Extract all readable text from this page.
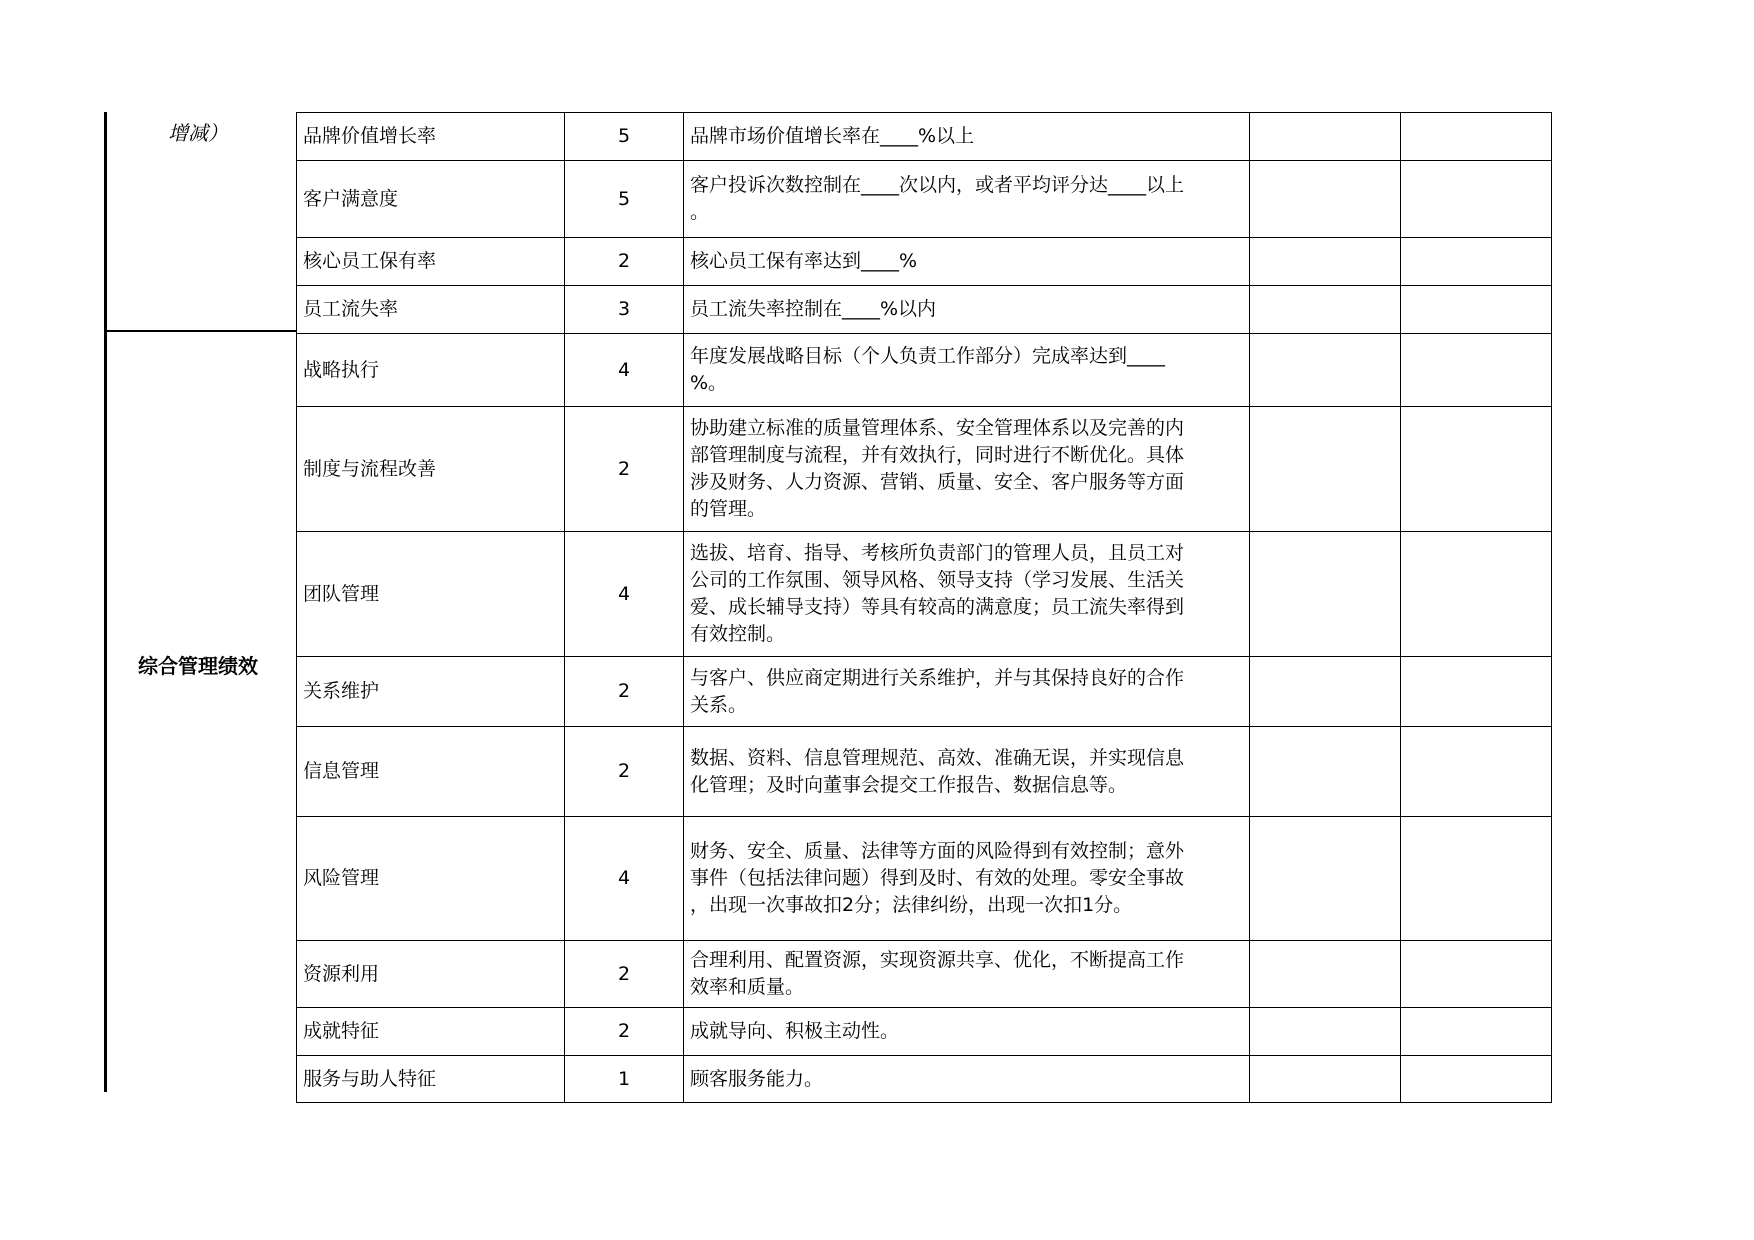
增减）
综合管理绩效
品牌价值增长率	5	品牌市场价值增长率在____%以上		

客户满意度	5	客户投诉次数控制在____次以内，或者平均评分达____以上
。		

核心员工保有率	2	核心员工保有率达到____%		

员工流失率	3	员工流失率控制在____%以内		

战略执行	4	年度发展战略目标（个人负责工作部分）完成率达到____
%。		

制度与流程改善	2	协助建立标准的质量管理体系、安全管理体系以及完善的内
部管理制度与流程，并有效执行，同时进行不断优化。具体
涉及财务、人力资源、营销、质量、安全、客户服务等方面
的管理。		

团队管理	4	选拔、培育、指导、考核所负责部门的管理人员，且员工对
公司的工作氛围、领导风格、领导支持（学习发展、生活关
爱、成长辅导支持）等具有较高的满意度；员工流失率得到
有效控制。		

关系维护	2	与客户、供应商定期进行关系维护，并与其保持良好的合作
关系。		

信息管理	2	数据、资料、信息管理规范、高效、准确无误，并实现信息
化管理；及时向董事会提交工作报告、数据信息等。		

风险管理	4	财务、安全、质量、法律等方面的风险得到有效控制；意外
事件（包括法律问题）得到及时、有效的处理。零安全事故
，出现一次事故扣2分；法律纠纷，出现一次扣1分。		

资源利用	2	合理利用、配置资源，实现资源共享、优化，不断提高工作
效率和质量。		

成就特征	2	成就导向、积极主动性。		

服务与助人特征	1	顾客服务能力。		
